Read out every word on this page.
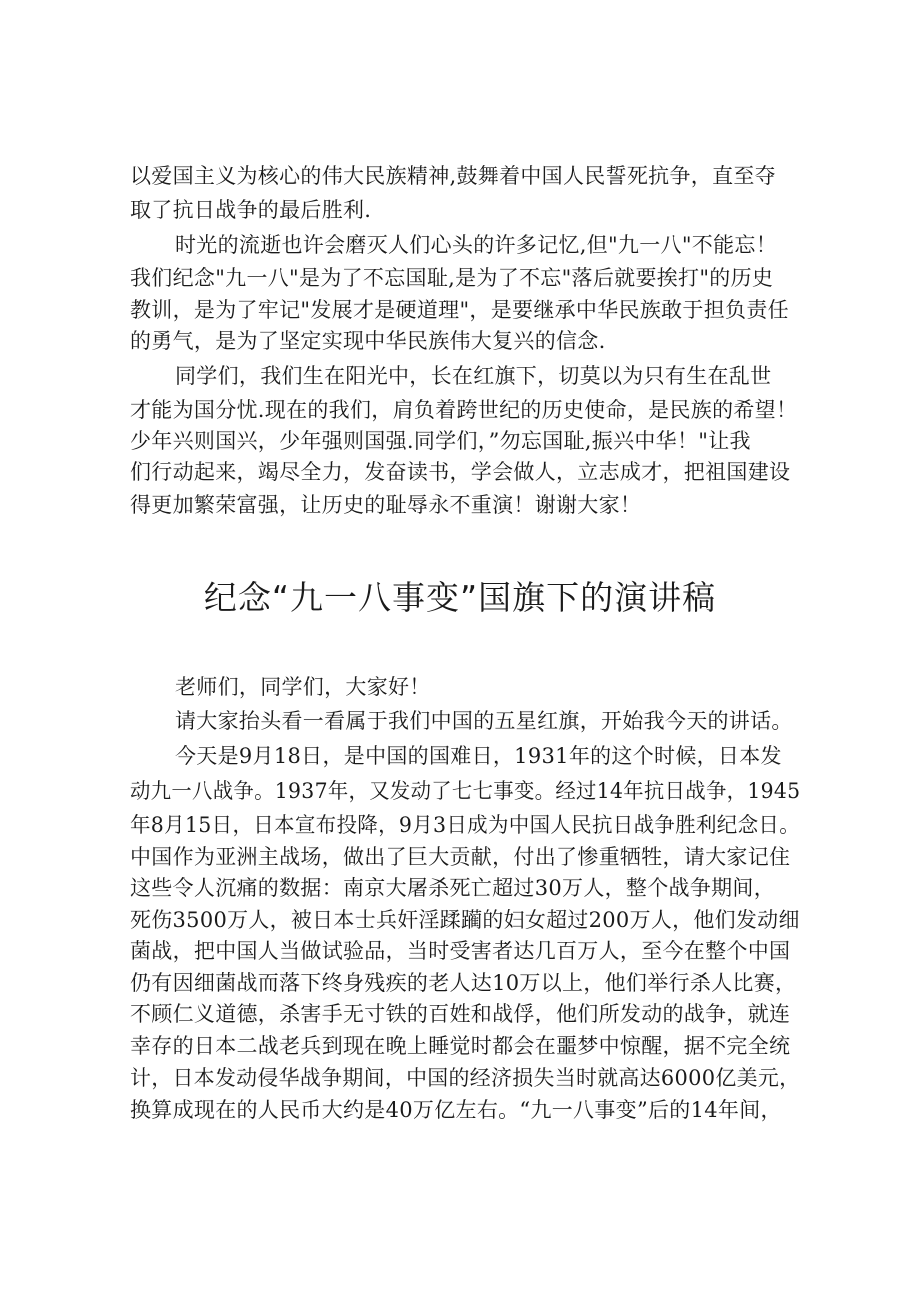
以爱国主义为核心的伟大民族精神,鼓舞着中国人民誓死抗争，直至夺
取了抗日战争的最后胜利.
时光的流逝也许会磨灭人们心头的许多记忆,但"九一八"不能忘！
我们纪念"九一八"是为了不忘国耻,是为了不忘"落后就要挨打"的历史
教训，是为了牢记"发展才是硬道理"，是要继承中华民族敢于担负责任
的勇气，是为了坚定实现中华民族伟大复兴的信念.
同学们，我们生在阳光中，长在红旗下，切莫以为只有生在乱世
才能为国分忧.现在的我们，肩负着跨世纪的历史使命，是民族的希望！
少年兴则国兴，少年强则国强.同学们，”勿忘国耻,振兴中华！"让我
们行动起来，竭尽全力，发奋读书，学会做人，立志成才，把祖国建设
得更加繁荣富强，让历史的耻辱永不重演！谢谢大家！
纪念“九一八事变”国旗下的演讲稿
老师们，同学们，大家好！
请大家抬头看一看属于我们中国的五星红旗，开始我今天的讲话。
今天是9月18日，是中国的国难日，1931年的这个时候，日本发
动九一八战争。1937年，又发动了七七事变。经过14年抗日战争，1945
年8月15日，日本宣布投降，9月3日成为中国人民抗日战争胜利纪念日。
中国作为亚洲主战场，做出了巨大贡献，付出了惨重牺牲，请大家记住
这些令人沉痛的数据：南京大屠杀死亡超过30万人，整个战争期间，
死伤3500万人，被日本士兵奸淫蹂躏的妇女超过200万人，他们发动细
菌战，把中国人当做试验品，当时受害者达几百万人，至今在整个中国
仍有因细菌战而落下终身残疾的老人达10万以上，他们举行杀人比赛，
不顾仁义道德，杀害手无寸铁的百姓和战俘，他们所发动的战争，就连
幸存的日本二战老兵到现在晚上睡觉时都会在噩梦中惊醒，据不完全统
计，日本发动侵华战争期间，中国的经济损失当时就高达6000亿美元，
换算成现在的人民币大约是40万亿左右。“九一八事变”后的14年间，
